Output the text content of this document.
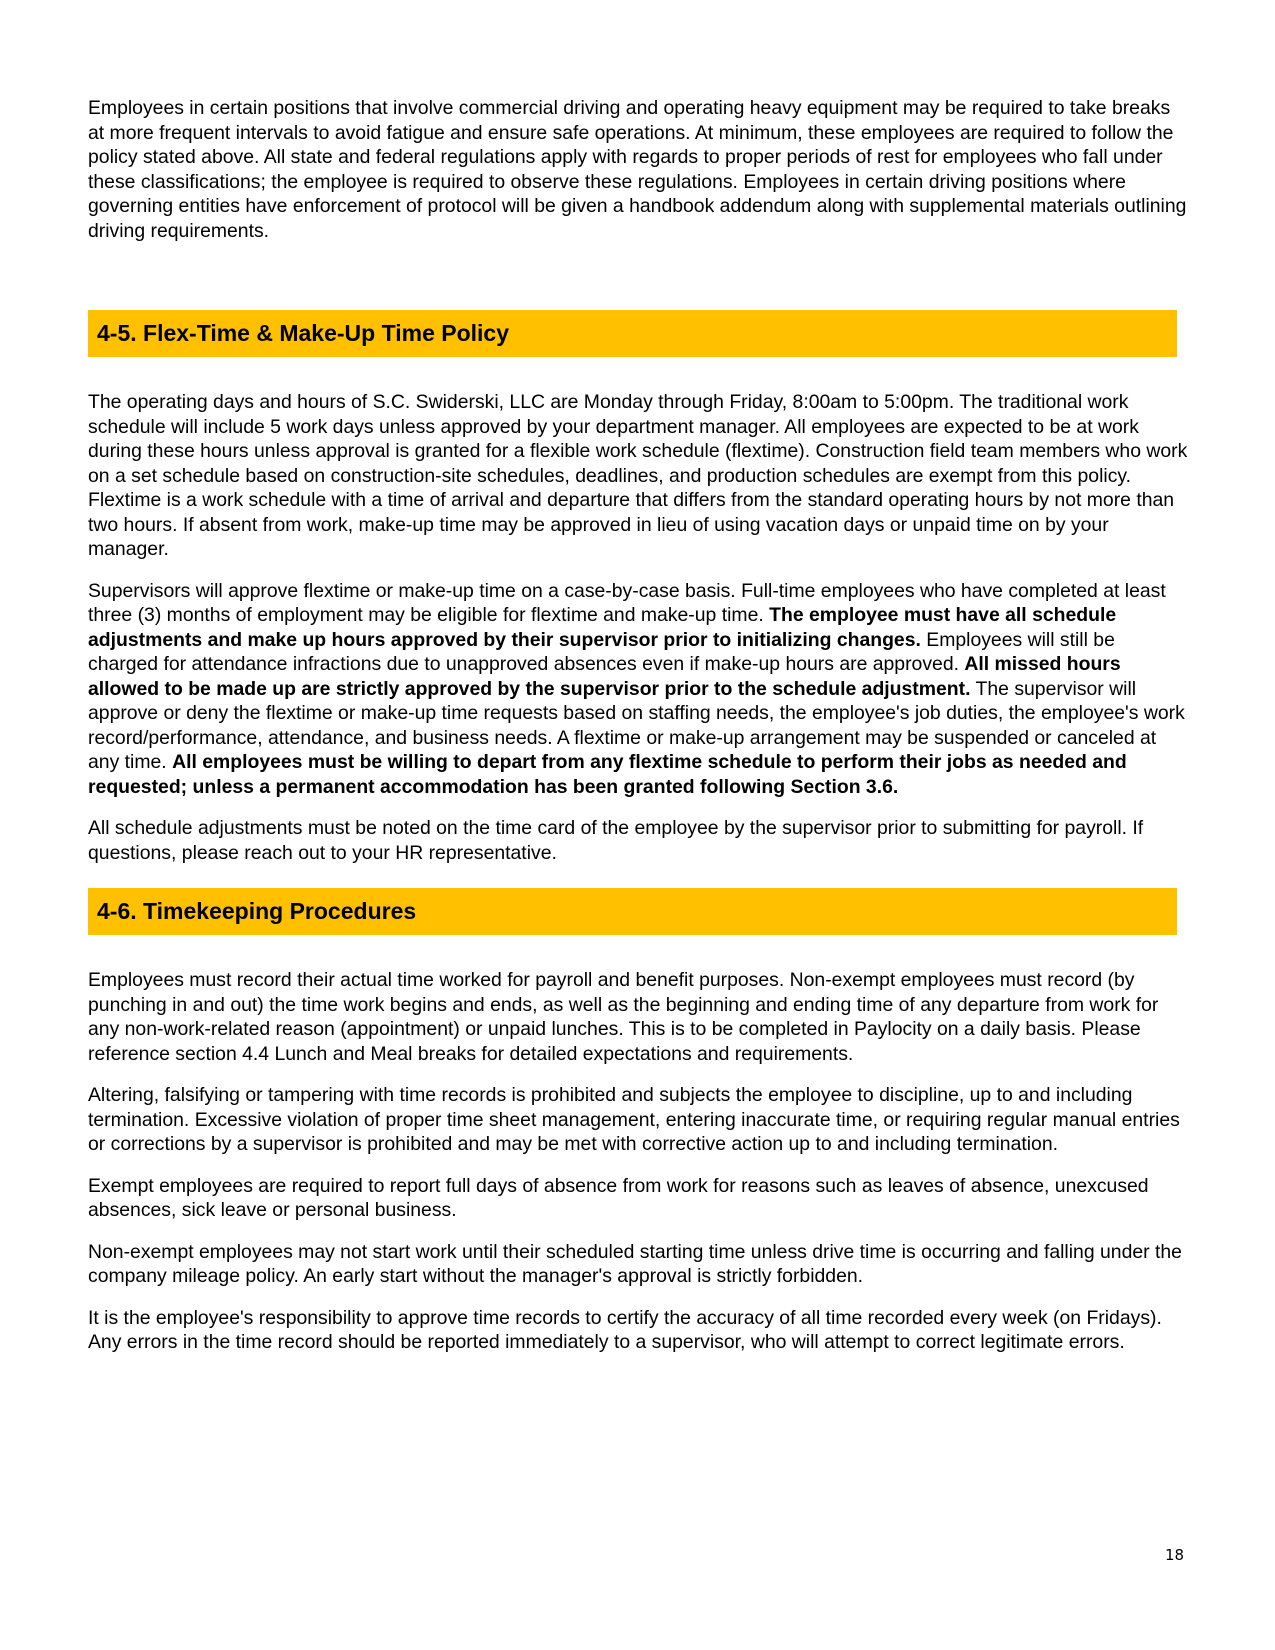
Employees in certain positions that involve commercial driving and operating heavy equipment may be required to take breaks at more frequent intervals to avoid fatigue and ensure safe operations. At minimum, these employees are required to follow the policy stated above. All state and federal regulations apply with regards to proper periods of rest for employees who fall under these classifications; the employee is required to observe these regulations. Employees in certain driving positions where governing entities have enforcement of protocol will be given a handbook addendum along with supplemental materials outlining driving requirements.

4-5. Flex-Time & Make-Up Time Policy

The operating days and hours of S.C. Swiderski, LLC are Monday through Friday, 8:00am to 5:00pm. The traditional work schedule will include 5 work days unless approved by your department manager. All employees are expected to be at work during these hours unless approval is granted for a flexible work schedule (flextime). Construction field team members who work on a set schedule based on construction-site schedules, deadlines, and production schedules are exempt from this policy. Flextime is a work schedule with a time of arrival and departure that differs from the standard operating hours by not more than two hours. If absent from work, make-up time may be approved in lieu of using vacation days or unpaid time on by your manager.

Supervisors will approve flextime or make-up time on a case-by-case basis. Full-time employees who have completed at least three (3) months of employment may be eligible for flextime and make-up time. The employee must have all schedule adjustments and make up hours approved by their supervisor prior to initializing changes. Employees will still be charged for attendance infractions due to unapproved absences even if make-up hours are approved. All missed hours allowed to be made up are strictly approved by the supervisor prior to the schedule adjustment. The supervisor will approve or deny the flextime or make-up time requests based on staffing needs, the employee's job duties, the employee's work record/performance, attendance, and business needs. A flextime or make-up arrangement may be suspended or canceled at any time. All employees must be willing to depart from any flextime schedule to perform their jobs as needed and requested; unless a permanent accommodation has been granted following Section 3.6.

All schedule adjustments must be noted on the time card of the employee by the supervisor prior to submitting for payroll. If questions, please reach out to your HR representative.

4-6. Timekeeping Procedures

Employees must record their actual time worked for payroll and benefit purposes. Non-exempt employees must record (by punching in and out) the time work begins and ends, as well as the beginning and ending time of any departure from work for any non-work-related reason (appointment) or unpaid lunches. This is to be completed in Paylocity on a daily basis. Please reference section 4.4 Lunch and Meal breaks for detailed expectations and requirements.

Altering, falsifying or tampering with time records is prohibited and subjects the employee to discipline, up to and including termination. Excessive violation of proper time sheet management, entering inaccurate time, or requiring regular manual entries or corrections by a supervisor is prohibited and may be met with corrective action up to and including termination.

Exempt employees are required to report full days of absence from work for reasons such as leaves of absence, unexcused absences, sick leave or personal business.

Non-exempt employees may not start work until their scheduled starting time unless drive time is occurring and falling under the company mileage policy. An early start without the manager's approval is strictly forbidden.

It is the employee's responsibility to approve time records to certify the accuracy of all time recorded every week (on Fridays). Any errors in the time record should be reported immediately to a supervisor, who will attempt to correct legitimate errors.

18
